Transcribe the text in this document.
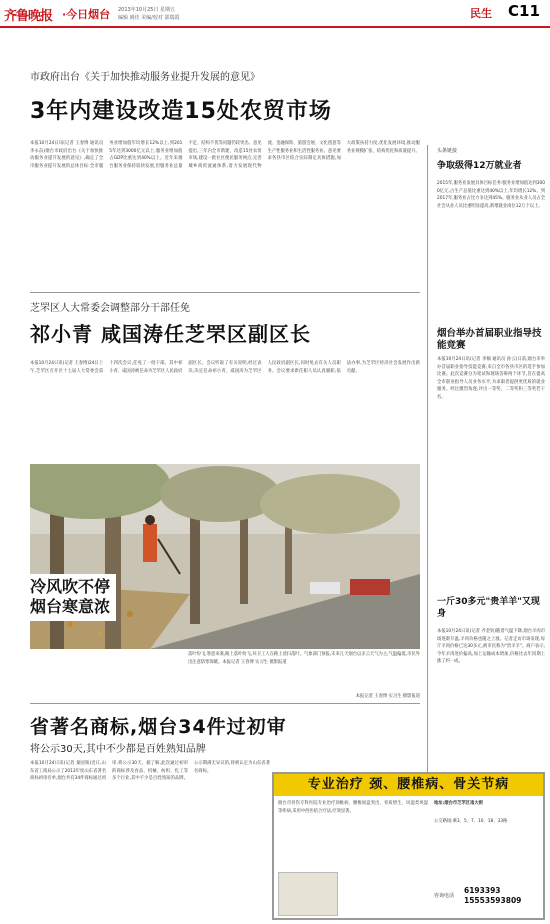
齐鲁晚报 ·今日烟台 2013年10月25日 星期五
编辑 姚佳 美编/校对 邵瑞霞	民生 C11
市政府出台《关于加快推动服务业提升发展的意见》
3年内建设改造15处农贸市场
本报10月24日讯(记者 王春博 通讯员 李永奋)烟台市政府出台《关于加快推动服务业提升发展的意见》,确定了全市服务业提升发展的总体目标:全市服务业增加值年均增长12%以上,到2015年达到3000亿元以上,服务业增加值占GDP比重达到40%以上。近年来烟台服务业保持较快发展,但服务业总量不足、结构不优等问题仍较突出。意见提出,三年内全市新建、改造15处农贸市场,建设一批社区便民服务网点,完善城乡商贸流通体系,着力发展现代物流、金融保险、旅游会展、文化创意等生产性服务业和生活性服务业。意见要求各县市区结合实际制定具体措施,加大政策扶持力度,优化发展环境,推动服务业规模扩张、结构优化和质量提升。	头条链接
争取级得12万就业者
2015年,服务业发展具体目标任务:服务业增加值达到3000亿元,占生产总值比重达到40%以上,年均增长12%。到2017年,服务业占比力争达到45%。服务业从业人员占全社会从业人员比重明显提高,新增就业岗位12万个以上。
芝罘区人大常委会调整部分干部任免
祁小青 咸国涛任芝罘区副区长
本报10月24日讯(记者 王春博)24日上午,芝罘区召开区十七届人大常委会第十四次会议,任免了一批干部。其中祁小青、咸国涛被任命为芝罘区人民政府副区长。会议听取了有关说明,经过表决,决定任命祁小青、咸国涛为芝罘区人民政府副区长,同时免去有关人员职务。会议要求新任职人员认真履职,依法办事,为芝罘区经济社会发展作出新贡献。
烟台举办首届职业指导技能竞赛
本报10月24日讯(记者 李楠 通讯员 孙云)日前,烟台市举办首届职业指导技能竞赛,来自全市各县市区的选手参加比赛。此次竞赛分为笔试和现场答辩两个环节,旨在提高全市职业指导人员业务水平,为求职者提供更优质的就业服务。经过激烈角逐,评出一等奖、二等奖和三等奖若干名。
一斤30多元"贵羊羊"又现身
本报10月24日讯(记者 齐金钊)随着气温下降,烟台羊肉市场逐渐升温,羊肉价格也随之上涨。记者走访市场发现,每斤羊肉价格已达30多元,被市民称为"贵羊羊"。商户表示,今年羊肉进价偏高,加上运输成本增加,价格比去年同期上涨了约一成。
冷风吹不停
烟台寒意浓
落叶纷飞,寒意来袭,路上落叶纷飞,环卫工人在路上清扫落叶。气象部门预报,未来几天烟台以多云天气为主,气温偏低,市民外出注意防寒保暖。本报记者 王春博 实习生 摄影报道
本报记者 王春博 实习生 摄影报道
省著名商标,烟台34件过初审
将公示30天,其中不少都是百姓熟知品牌
本报10月24日讯(记者 秦国领)近日,山东省工商局公示了2013年度山东省著名商标初审名单,烟台共有34件商标通过初审,将公示30天。据了解,此次通过初审的商标涉及食品、机械、纺织、化工等多个行业,其中不少是百姓熟知的品牌。公示期满无异议的,将被认定为山东省著名商标。
专业治疗 颈、腰椎病、骨关节病
烟台市骨伤专科医院专业治疗颈椎病、腰椎间盘突出、骨质增生、风湿类风湿等疾病,采用中西医结合疗法,疗效显著。
地址:烟台市芝罘区南大街
公交路线:乘3、5、7、10、18、33路
咨询电话
6193393 15553593809
